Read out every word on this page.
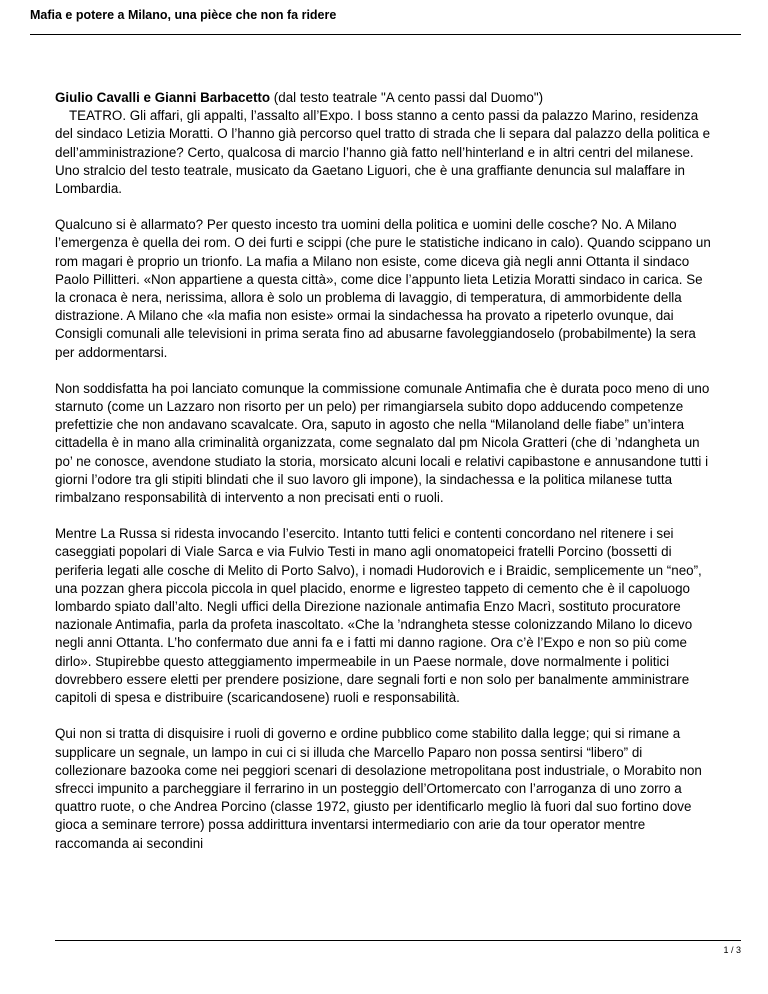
Mafia e potere a Milano, una pièce che non fa ridere

Giulio Cavalli e Gianni Barbacetto (dal testo teatrale "A cento passi dal Duomo")
TEATRO. Gli affari, gli appalti, l’assalto all’Expo. I boss stanno a cento passi da palazzo Marino, residenza del sindaco Letizia Moratti. O l’hanno già percorso quel tratto di strada che li separa dal palazzo della politica e dell’amministrazione? Certo, qualcosa di marcio l’hanno già fatto nell’hinterland e in altri centri del milanese. Uno stralcio del testo teatrale, musicato da Gaetano Liguori, che è una graffiante denuncia sul malaffare in Lombardia.

Qualcuno si è allarmato? Per questo incesto tra uomini della politica e uomini delle cosche? No. A Milano l’emergenza è quella dei rom. O dei furti e scippi (che pure le statistiche indicano in calo). Quando scippano un rom magari è proprio un trionfo. La mafia a Milano non esiste, come diceva già negli anni Ottanta il sindaco Paolo Pillitteri. «Non appartiene a questa città», come dice l’appunto lieta Letizia Moratti sindaco in carica. Se la cronaca è nera, nerissima, allora è solo un problema di lavaggio, di temperatura, di ammorbidente della distrazione. A Milano che «la mafia non esiste» ormai la sindachessa ha provato a ripeterlo ovunque, dai Consigli comunali alle televisioni in prima serata fino ad abusarne favoleggiandoselo (probabilmente) la sera per addormentarsi.

Non soddisfatta ha poi lanciato comunque la commissione comunale Antimafia che è durata poco meno di uno starnuto (come un Lazzaro non risorto per un pelo) per rimangiarsela subito dopo adducendo competenze prefettizie che non andavano scavalcate. Ora, saputo in agosto che nella “Milanoland delle fiabe” un’intera cittadella è in mano alla criminalità organizzata, come segnalato dal pm Nicola Gratteri (che di ’ndangheta un po’ ne conosce, avendone studiato la storia, morsicato alcuni locali e relativi capibastone e annusandone tutti i giorni l’odore tra gli stipiti blindati che il suo lavoro gli impone), la sindachessa e la politica milanese tutta rimbalzano responsabilità di intervento a non precisati enti o ruoli.

Mentre La Russa si ridesta invocando l’esercito. Intanto tutti felici e contenti concordano nel ritenere i sei caseggiati popolari di Viale Sarca e via Fulvio Testi in mano agli onomatopeici fratelli Porcino (bossetti di periferia legati alle cosche di Melito di Porto Salvo), i nomadi Hudorovich e i Braidic, semplicemente un “neo”, una pozzan ghera piccola piccola in quel placido, enorme e ligresteo tappeto di cemento che è il capoluogo lombardo spiato dall’alto. Negli uffici della Direzione nazionale antimafia Enzo Macrì, sostituto procuratore nazionale Antimafia, parla da profeta inascoltato. «Che la ’ndrangheta stesse colonizzando Milano lo dicevo negli anni Ottanta. L’ho confermato due anni fa e i fatti mi danno ragione. Ora c’è l’Expo e non so più come dirlo». Stupirebbe questo atteggiamento impermeabile in un Paese normale, dove normalmente i politici dovrebbero essere eletti per prendere posizione, dare segnali forti e non solo per banalmente amministrare capitoli di spesa e distribuire (scaricandosene) ruoli e responsabilità.

Qui non si tratta di disquisire i ruoli di governo e ordine pubblico come stabilito dalla legge; qui si rimane a supplicare un segnale, un lampo in cui ci si illuda che Marcello Paparo non possa sentirsi “libero” di collezionare bazooka come nei peggiori scenari di desolazione metropolitana post industriale, o Morabito non sfrecci impunito a parcheggiare il ferrarino in un posteggio dell’Ortomercato con l’arroganza di uno zorro a quattro ruote, o che Andrea Porcino (classe 1972, giusto per identificarlo meglio là fuori dal suo fortino dove gioca a seminare terrore) possa addirittura inventarsi intermediario con arie da tour operator mentre raccomanda ai secondini

1 / 3
